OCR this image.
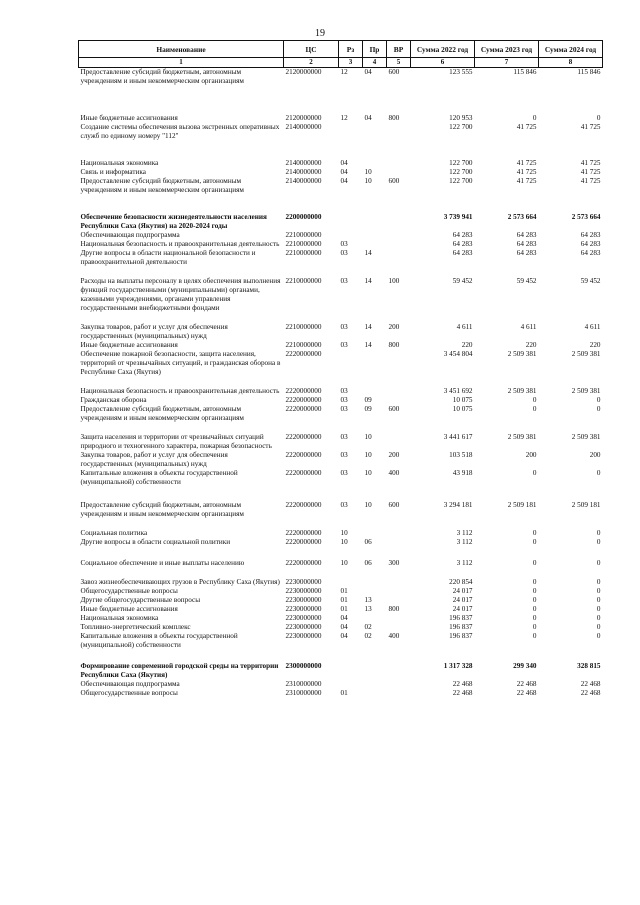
19
Наименование	ЦС	Рз	Пр	ВР	Сумма 2022 год	Сумма 2023 год	Сумма 2024 год
1	2	3	4	5	6	7	8
Предоставление субсидий бюджетным, автономным учреждениям и иным некоммерческим организациям	2120000000	12	04	600	123 555	115 846	115 846

Иные бюджетные ассигнования	2120000000	12	04	800	120 953	0	0
Создание системы обеспечения вызова экстренных оперативных служб по единому номеру "112"	2140000000				122 700	41 725	41 725

Национальная экономика	2140000000	04			122 700	41 725	41 725
Связь и информатика	2140000000	04	10		122 700	41 725	41 725
Предоставление субсидий бюджетным, автономным учреждениям и иным некоммерческим организациям	2140000000	04	10	600	122 700	41 725	41 725

Обеспечение безопасности жизнедеятельности населения Республики Саха (Якутия) на 2020-2024 годы	2200000000				3 739 941	2 573 664	2 573 664
Обеспечивающая подпрограмма	2210000000				64 283	64 283	64 283
Национальная безопасность и правоохранительная деятельность	2210000000	03			64 283	64 283	64 283
Другие вопросы в области национальной безопасности и правоохранительной деятельности	2210000000	03	14		64 283	64 283	64 283

Расходы на выплаты персоналу в целях обеспечения выполнения функций государственными (муниципальными) органами, казенными учреждениями, органами управления государственными внебюджетными фондами	2210000000	03	14	100	59 452	59 452	59 452

Закупка товаров, работ и услуг для обеспечения государственных (муниципальных) нужд	2210000000	03	14	200	4 611	4 611	4 611
Иные бюджетные ассигнования	2210000000	03	14	800	220	220	220
Обеспечение пожарной безопасности, защита населения, территорий от чрезвычайных ситуаций, и гражданская оборона в Республике Саха (Якутия)	2220000000				3 454 804	2 509 381	2 509 381

Национальная безопасность и правоохранительная деятельность	2220000000	03			3 451 692	2 509 381	2 509 381
Гражданская оборона	2220000000	03	09		10 075	0	0
Предоставление субсидий бюджетным, автономным учреждениям и иным некоммерческим организациям	2220000000	03	09	600	10 075	0	0

Защита населения и территории от чрезвычайных ситуаций природного и техногенного характера, пожарная безопасность	2220000000	03	10		3 441 617	2 509 381	2 509 381
Закупка товаров, работ и услуг для обеспечения государственных (муниципальных) нужд	2220000000	03	10	200	103 518	200	200
Капитальные вложения в объекты государственной (муниципальной) собственности	2220000000	03	10	400	43 918	0	0

Предоставление субсидий бюджетным, автономным учреждениям и иным некоммерческим организациям	2220000000	03	10	600	3 294 181	2 509 181	2 509 181

Социальная политика	2220000000	10			3 112	0	0
Другие вопросы в области социальной политики	2220000000	10	06		3 112	0	0

Социальное обеспечение и иные выплаты населению	2220000000	10	06	300	3 112	0	0

Завоз жизнеобеспечивающих грузов в Республику Саха (Якутия)	2230000000				220 854	0	0
Общегосударственные вопросы	2230000000	01			24 017	0	0
Другие общегосударственные вопросы	2230000000	01	13		24 017	0	0
Иные бюджетные ассигнования	2230000000	01	13	800	24 017	0	0
Национальная экономика	2230000000	04			196 837	0	0
Топливно-энергетический комплекс	2230000000	04	02		196 837	0	0
Капитальные вложения в объекты государственной (муниципальной) собственности	2230000000	04	02	400	196 837	0	0

Формирование современной городской среды на территории Республики Саха (Якутия)	2300000000				1 317 328	299 340	328 815
Обеспечивающая подпрограмма	2310000000				22 468	22 468	22 468
Общегосударственные вопросы	2310000000	01			22 468	22 468	22 468
